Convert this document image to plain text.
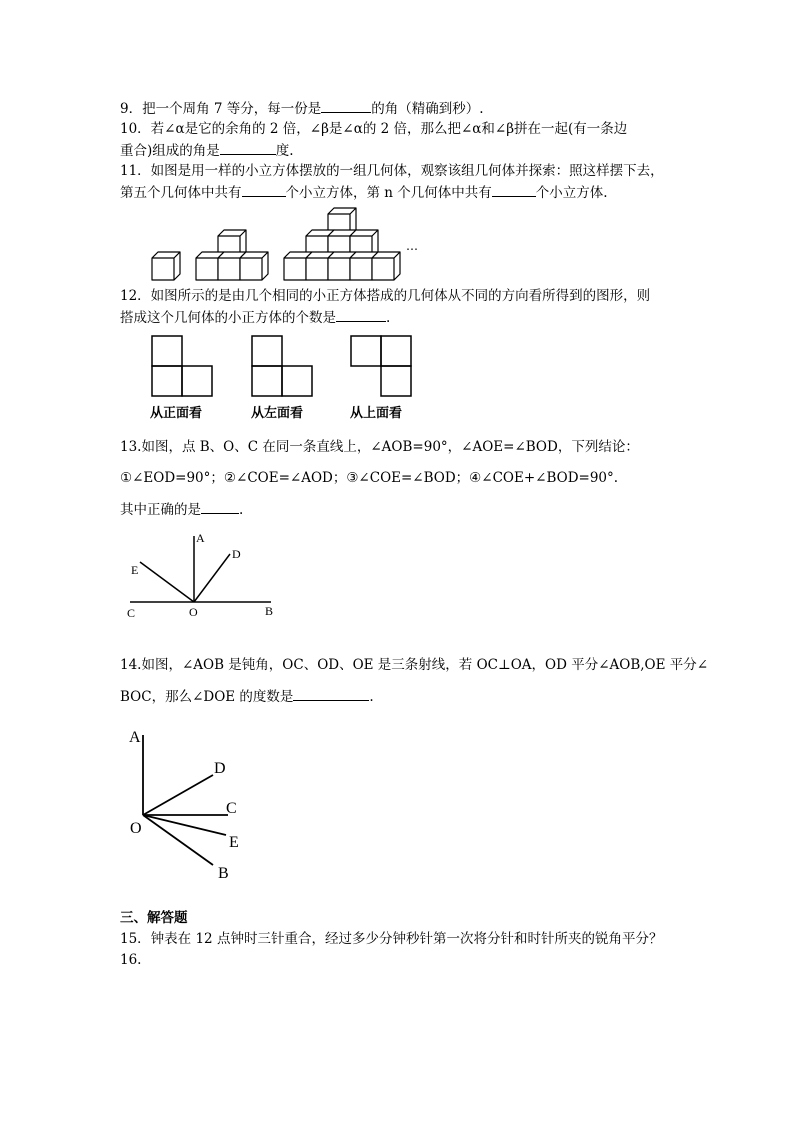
9．把一个周角 7 等分，每一份是	的角（精确到秒）.
10．若∠α是它的余角的 2 倍，∠β是∠α的 2 倍，那么把∠α和∠β拼在一起(有一条边
重合)组成的角是	度.
11．如图是用一样的小立方体摆放的一组几何体，观察该组几何体并探索：照这样摆下去，
第五个几何体中共有	个小立方体，第 n 个几何体中共有	个小立方体.
…
12．如图所示的是由几个相同的小正方体搭成的几何体从不同的方向看所得到的图形，则
搭成这个几何体的小正方体的个数是	.
从正面看	从左面看	从上面看
13.如图，点 B、O、C 在同一条直线上，∠AOB=90°，∠AOE=∠BOD，下列结论：
①∠EOD=90°；②∠COE=∠AOD；③∠COE=∠BOD；④∠COE+∠BOD=90°.
其中正确的是	.
A
D
E
C	O	B
14.如图，∠AOB 是钝角，OC、OD、OE 是三条射线，若 OC⊥OA，OD 平分∠AOB,OE 平分∠
BOC，那么∠DOE 的度数是	.
A
D
C
O
E
B
三、解答题
15．钟表在 12 点钟时三针重合，经过多少分钟秒针第一次将分针和时针所夹的锐角平分？
16.
